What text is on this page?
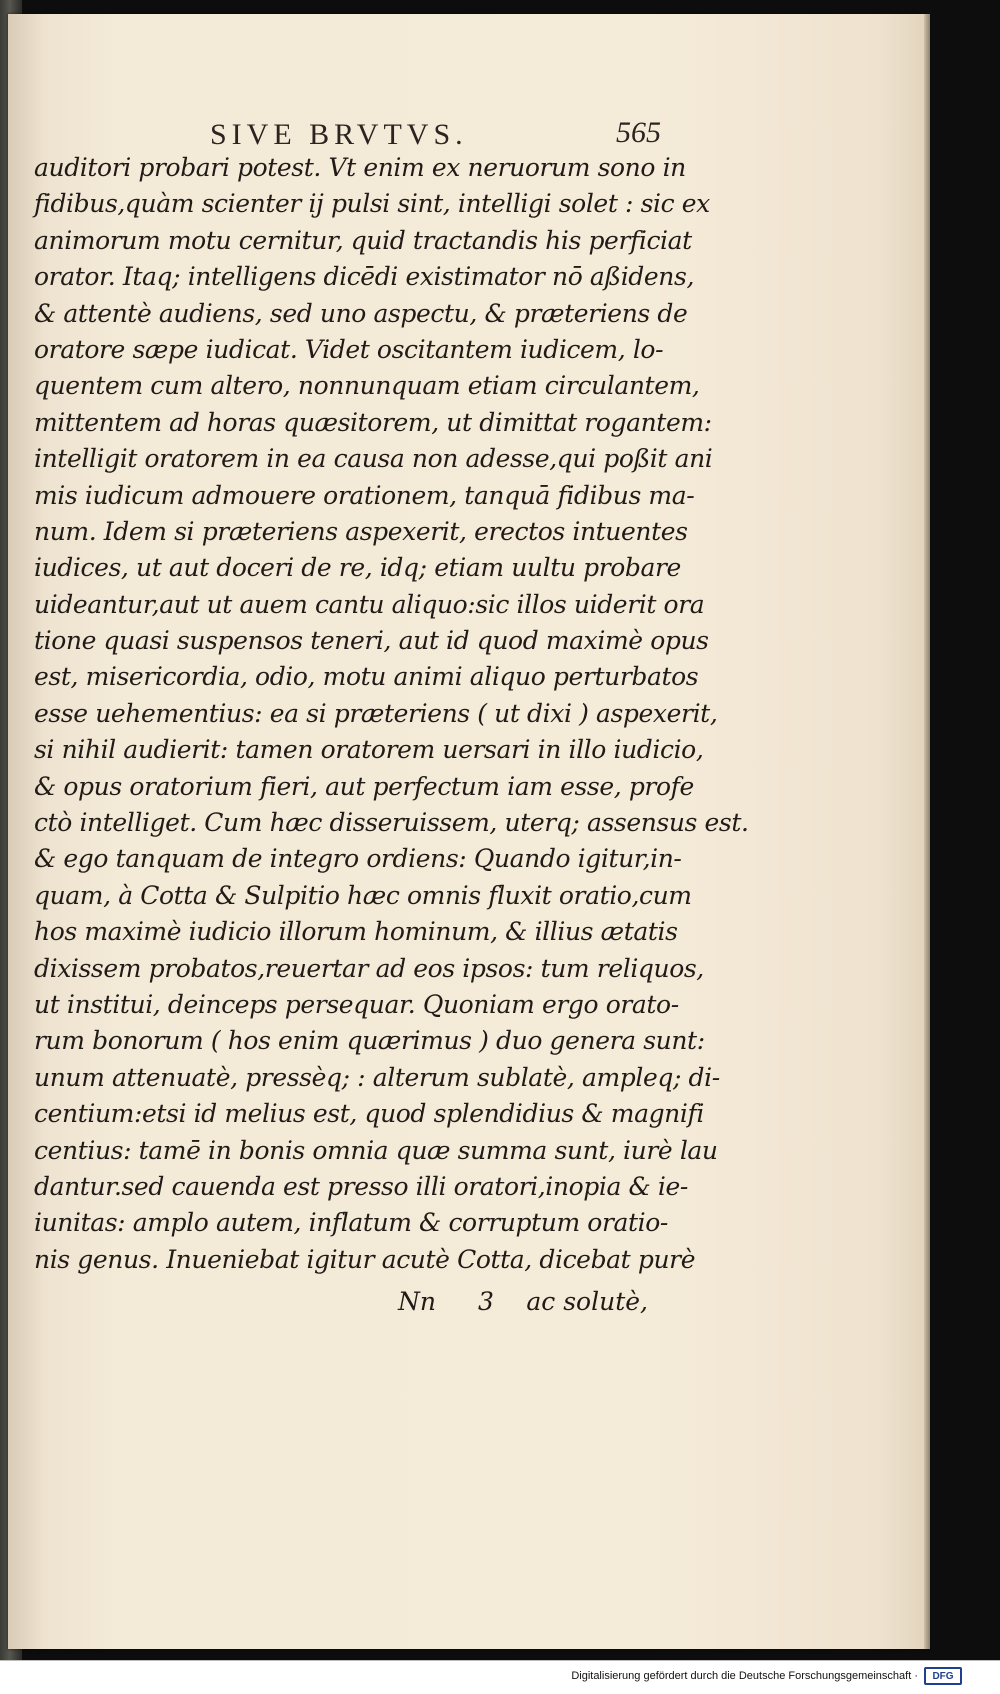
SIVE BRVTVS.	565
auditori probari potest. Vt enim ex neruorum sono in
fidibus,quàm scienter ij pulsi sint, intelligi solet : sic ex
animorum motu cernitur, quid tractandis his perficiat
orator. Itaq; intelligens dicēdi existimator nō aßidens,
& attentè audiens, sed uno aspectu, & præteriens de
oratore sæpe iudicat. Videt oscitantem iudicem, lo-
quentem cum altero, nonnunquam etiam circulantem,
mittentem ad horas quæsitorem, ut dimittat rogantem:
intelligit oratorem in ea causa non adesse,qui poßit ani
mis iudicum admouere orationem, tanquā fidibus ma-
num. Idem si præteriens aspexerit, erectos intuentes
iudices, ut aut doceri de re, idq; etiam uultu probare
uideantur,aut ut auem cantu aliquo:sic illos uiderit ora
tione quasi suspensos teneri, aut id quod maximè opus
est, misericordia, odio, motu animi aliquo perturbatos
esse uehementius: ea si præteriens ( ut dixi ) aspexerit,
si nihil audierit: tamen oratorem uersari in illo iudicio,
& opus oratorium fieri, aut perfectum iam esse, profe
ctò intelliget. Cum hæc disseruissem, uterq; assensus est.
& ego tanquam de integro ordiens: Quando igitur,in-
quam, à Cotta & Sulpitio hæc omnis fluxit oratio,cum
hos maximè iudicio illorum hominum, & illius ætatis
dixissem probatos,reuertar ad eos ipsos: tum reliquos,
ut institui, deinceps persequar. Quoniam ergo orato-
rum bonorum ( hos enim quærimus ) duo genera sunt:
unum attenuatè, pressèq; : alterum sublatè, ampleq; di-
centium:etsi id melius est, quod splendidius & magnifi
centius: tamē in bonis omnia quæ summa sunt, iurè lau
dantur.sed cauenda est presso illi oratori,inopia & ie-
iunitas: amplo autem, inflatum & corruptum oratio-
nis genus. Inueniebat igitur acutè Cotta, dicebat purè
Nn 3 ac solutè,
Digitalisierung gefördert durch die Deutsche Forschungsgemeinschaft ·	DFG
